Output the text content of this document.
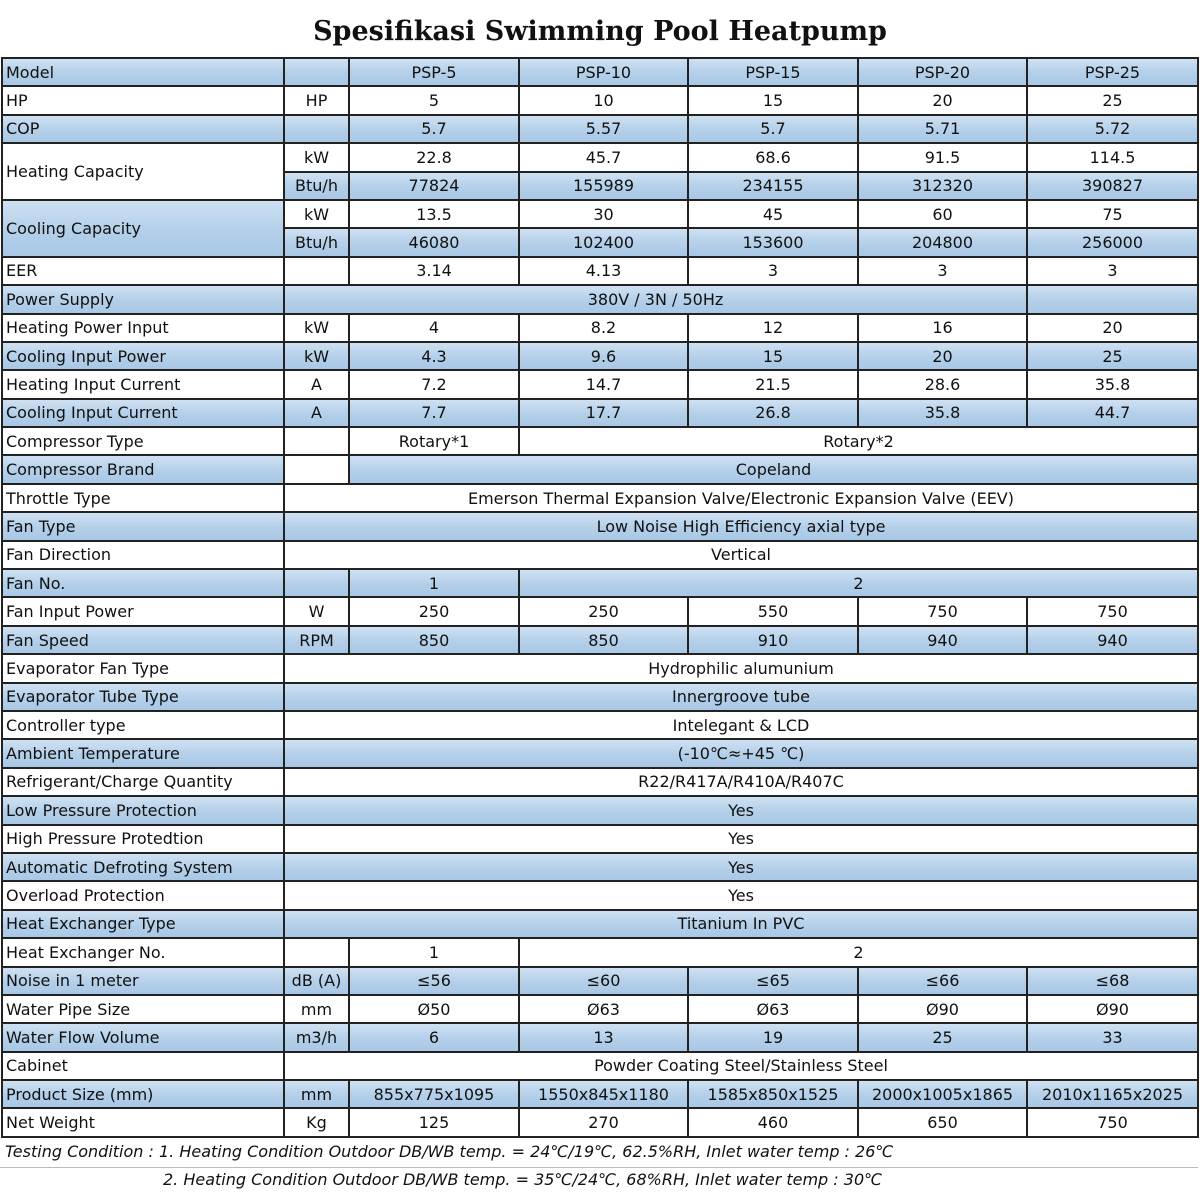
Spesifikasi Swimming Pool Heatpump
Model		PSP-5	PSP-10	PSP-15	PSP-20	PSP-25
HP	HP	5	10	15	20	25
COP		5.7	5.57	5.7	5.71	5.72
Heating Capacity	kW	22.8	45.7	68.6	91.5	114.5
	Btu/h	77824	155989	234155	312320	390827
Cooling Capacity	kW	13.5	30	45	60	75
	Btu/h	46080	102400	153600	204800	256000
EER		3.14	4.13	3	3	3
Power Supply	380V / 3N / 50Hz					
Heating Power Input	kW	4	8.2	12	16	20
Cooling Input Power	kW	4.3	9.6	15	20	25
Heating Input Current	A	7.2	14.7	21.5	28.6	35.8
Cooling Input Current	A	7.7	17.7	26.8	35.8	44.7
Compressor Type		Rotary*1	Rotary*2			
Compressor Brand		Copeland				
Throttle Type	Emerson Thermal Expansion Valve/Electronic Expansion Valve (EEV)					
Fan Type	Low Noise High Efficiency axial type					
Fan Direction	Vertical					
Fan No.		1	2			
Fan Input Power	W	250	250	550	750	750
Fan Speed	RPM	850	850	910	940	940
Evaporator Fan Type	Hydrophilic alumunium					
Evaporator Tube Type	Innergroove tube					
Controller type	Intelegant & LCD					
Ambient Temperature	(-10℃≈+45 ℃)					
Refrigerant/Charge Quantity	R22/R417A/R410A/R407C					
Low Pressure Protection	Yes					
High Pressure Protedtion	Yes					
Automatic Defroting System	Yes					
Overload Protection	Yes					
Heat Exchanger Type	Titanium In PVC					
Heat Exchanger No.		1	2			
Noise in 1 meter	dB (A)	≤56	≤60	≤65	≤66	≤68
Water Pipe Size	mm	Ø50	Ø63	Ø63	Ø90	Ø90
Water Flow Volume	m3/h	6	13	19	25	33
Cabinet	Powder Coating Steel/Stainless Steel					
Product Size (mm)	mm	855x775x1095	1550x845x1180	1585x850x1525	2000x1005x1865	2010x1165x2025
Net Weight	Kg	125	270	460	650	750
Testing Condition : 1. Heating Condition Outdoor DB/WB temp. = 24℃/19℃, 62.5%RH, Inlet water temp : 26℃
2. Heating Condition Outdoor DB/WB temp. = 35℃/24℃, 68%RH, Inlet water temp : 30℃
